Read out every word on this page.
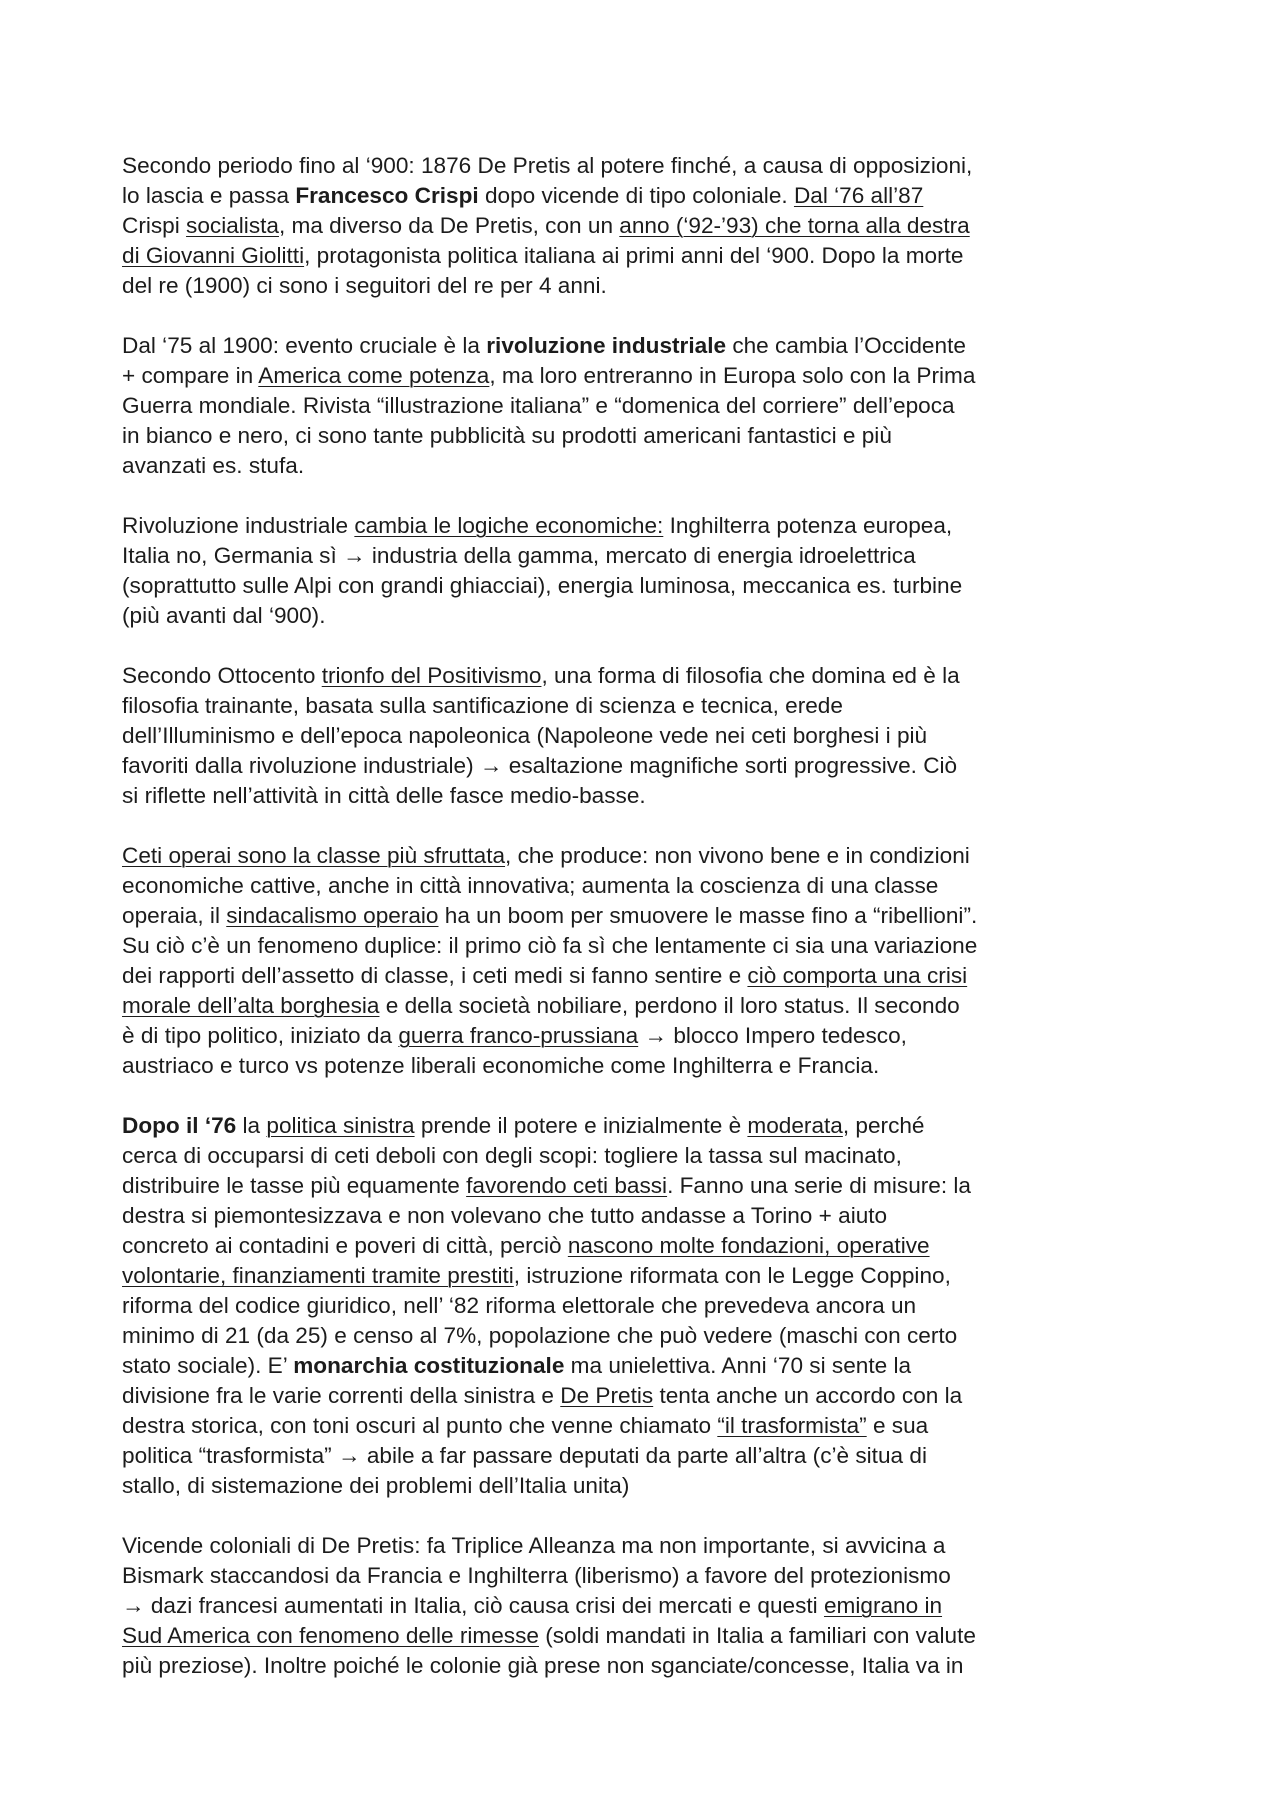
Secondo periodo fino al ‘900: 1876 De Pretis al potere finché, a causa di opposizioni,
lo lascia e passa Francesco Crispi dopo vicende di tipo coloniale. Dal ‘76 all’87
Crispi socialista, ma diverso da De Pretis, con un anno (‘92-’93) che torna alla destra
di Giovanni Giolitti, protagonista politica italiana ai primi anni del ‘900. Dopo la morte
del re (1900) ci sono i seguitori del re per 4 anni.
Dal ‘75 al 1900: evento cruciale è la rivoluzione industriale che cambia l’Occidente
+ compare in America come potenza, ma loro entreranno in Europa solo con la Prima
Guerra mondiale. Rivista “illustrazione italiana” e “domenica del corriere” dell’epoca
in bianco e nero, ci sono tante pubblicità su prodotti americani fantastici e più
avanzati es. stufa.
Rivoluzione industriale cambia le logiche economiche: Inghilterra potenza europea,
Italia no, Germania sì → industria della gamma, mercato di energia idroelettrica
(soprattutto sulle Alpi con grandi ghiacciai), energia luminosa, meccanica es. turbine
(più avanti dal ‘900).
Secondo Ottocento trionfo del Positivismo, una forma di filosofia che domina ed è la
filosofia trainante, basata sulla santificazione di scienza e tecnica, erede
dell’Illuminismo e dell’epoca napoleonica (Napoleone vede nei ceti borghesi i più
favoriti dalla rivoluzione industriale) → esaltazione magnifiche sorti progressive. Ciò
si riflette nell’attività in città delle fasce medio-basse.
Ceti operai sono la classe più sfruttata, che produce: non vivono bene e in condizioni
economiche cattive, anche in città innovativa; aumenta la coscienza di una classe
operaia, il sindacalismo operaio ha un boom per smuovere le masse fino a “ribellioni”.
Su ciò c’è un fenomeno duplice: il primo ciò fa sì che lentamente ci sia una variazione
dei rapporti dell’assetto di classe, i ceti medi si fanno sentire e ciò comporta una crisi
morale dell’alta borghesia e della società nobiliare, perdono il loro status. Il secondo
è di tipo politico, iniziato da guerra franco-prussiana → blocco Impero tedesco,
austriaco e turco vs potenze liberali economiche come Inghilterra e Francia.
Dopo il ‘76 la politica sinistra prende il potere e inizialmente è moderata, perché
cerca di occuparsi di ceti deboli con degli scopi: togliere la tassa sul macinato,
distribuire le tasse più equamente favorendo ceti bassi. Fanno una serie di misure: la
destra si piemontesizzava e non volevano che tutto andasse a Torino + aiuto
concreto ai contadini e poveri di città, perciò nascono molte fondazioni, operative
volontarie, finanziamenti tramite prestiti, istruzione riformata con le Legge Coppino,
riforma del codice giuridico, nell’ ‘82 riforma elettorale che prevedeva ancora un
minimo di 21 (da 25) e censo al 7%, popolazione che può vedere (maschi con certo
stato sociale). E’ monarchia costituzionale ma unielettiva. Anni ‘70 si sente la
divisione fra le varie correnti della sinistra e De Pretis tenta anche un accordo con la
destra storica, con toni oscuri al punto che venne chiamato “il trasformista” e sua
politica “trasformista” → abile a far passare deputati da parte all’altra (c’è situa di
stallo, di sistemazione dei problemi dell’Italia unita)
Vicende coloniali di De Pretis: fa Triplice Alleanza ma non importante, si avvicina a
Bismark staccandosi da Francia e Inghilterra (liberismo) a favore del protezionismo
→ dazi francesi aumentati in Italia, ciò causa crisi dei mercati e questi emigrano in
Sud America con fenomeno delle rimesse (soldi mandati in Italia a familiari con valute
più preziose). Inoltre poiché le colonie già prese non sganciate/concesse, Italia va in
